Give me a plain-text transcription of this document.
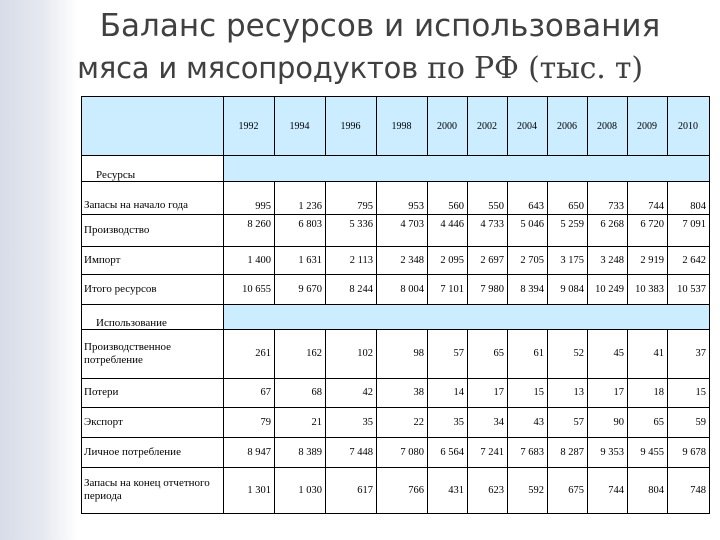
Баланс ресурсов и использования
мяса и мясопродуктов по РФ (тыс. т)
	1992	1994	1996	1998	2000	2002	2004	2006	2008	2009	2010
Ресурсы											
Запасы на начало года	995	1 236	795	953	560	550	643	650	733	744	804
Производство	8 260	6 803	5 336	4 703	4 446	4 733	5 046	5 259	6 268	6 720	7 091
Импорт	1 400	1 631	2 113	2 348	2 095	2 697	2 705	3 175	3 248	2 919	2 642
Итого ресурсов	10 655	9 670	8 244	8 004	7 101	7 980	8 394	9 084	10 249	10 383	10 537
Использование											
Производственное потребление	261	162	102	98	57	65	61	52	45	41	37
Потери	67	68	42	38	14	17	15	13	17	18	15
Экспорт	79	21	35	22	35	34	43	57	90	65	59
Личное потребление	8 947	8 389	7 448	7 080	6 564	7 241	7 683	8 287	9 353	9 455	9 678
Запасы на конец отчетного периода	1 301	1 030	617	766	431	623	592	675	744	804	748
